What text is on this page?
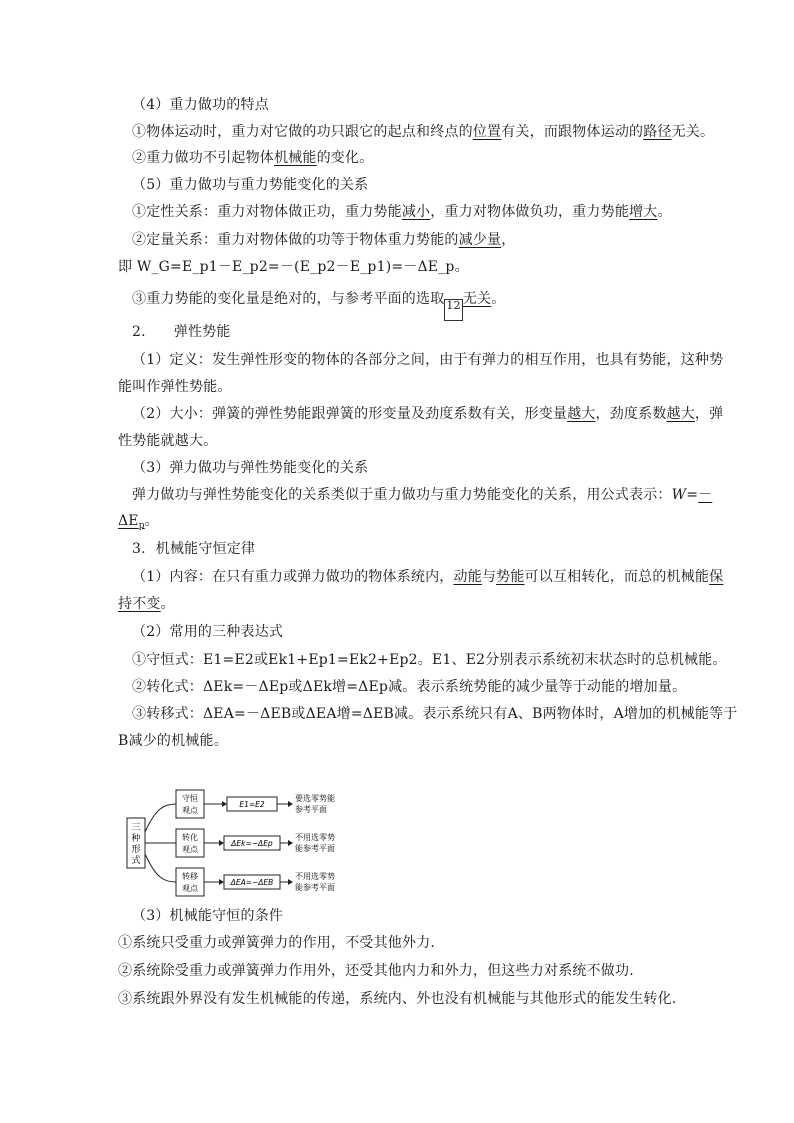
（4）重力做功的特点
①物体运动时，重力对它做的功只跟它的起点和终点的位置有关，而跟物体运动的路径无关。
②重力做功不引起物体机械能的变化。
（5）重力做功与重力势能变化的关系
①定性关系：重力对物体做正功，重力势能减小，重力对物体做负功，重力势能增大。
②定量关系：重力对物体做的功等于物体重力势能的减少量，
即 W_G=E_p1－E_p2=－(E_p2－E_p1)=－ΔE_p。
③重力势能的变化量是绝对的，与参考平面的选取 12 无关。
2. 弹性势能
（1）定义：发生弹性形变的物体的各部分之间，由于有弹力的相互作用，也具有势能，这种势
能叫作弹性势能。
（2）大小：弹簧的弹性势能跟弹簧的形变量及劲度系数有关，形变量越大，劲度系数越大，弹
性势能就越大。
（3）弹力做功与弹性势能变化的关系
弹力做功与弹性势能变化的关系类似于重力做功与重力势能变化的关系，用公式表示：W=－
$\Delta E_p$。
3. 机械能守恒定律
（1）内容：在只有重力或弹力做功的物体系统内，动能与势能可以互相转化，而总的机械能保
持不变。
（2）常用的三种表达式
①守恒式：E1=E2或Ek1+Ep1=Ek2+Ep2。E1、E2分别表示系统初末状态时的总机械能。
②转化式：ΔEk=－ΔEp或ΔEk增=ΔEp减。表示系统势能的减少量等于动能的增加量。
③转移式：ΔEA=－ΔEB或ΔEA增=ΔEB减。表示系统只有A、B两物体时，A增加的机械能等于
B减少的机械能。
三
种
形
式
守恒
观点
E1=E2
要选零势能
参考平面
转化
观点
ΔEk=−ΔEp
不用选零势
能参考平面
转移
观点
ΔEA=−ΔEB
不用选零势
能参考平面
（3）机械能守恒的条件
①系统只受重力或弹簧弹力的作用，不受其他外力.
②系统除受重力或弹簧弹力作用外，还受其他内力和外力，但这些力对系统不做功.
③系统跟外界没有发生机械能的传递，系统内、外也没有机械能与其他形式的能发生转化.
